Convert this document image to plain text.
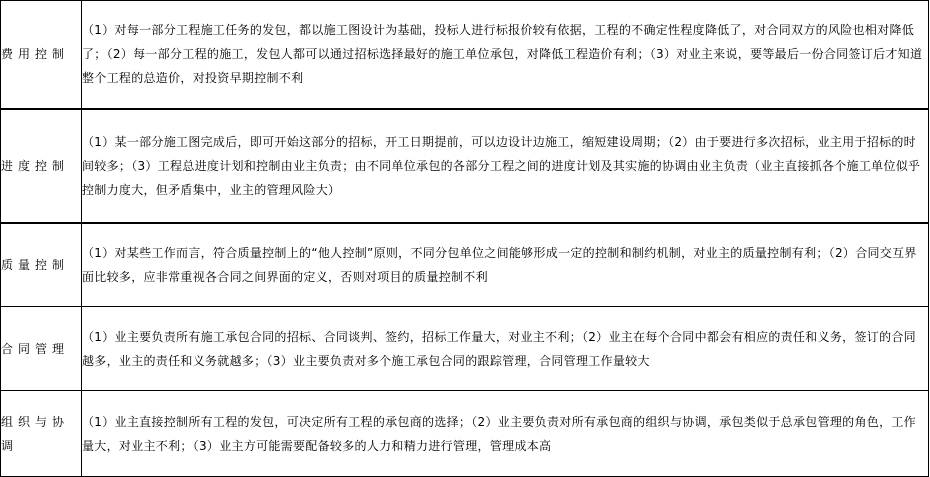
费用控制	（1）对每一部分工程施工任务的发包，都以施工图设计为基础，投标人进行标报价较有依据，工程的不确定性程度降低了，对合同双方的风险也相对降低了；（2）每一部分工程的施工，发包人都可以通过招标选择最好的施工单位承包，对降低工程造价有利；（3）对业主来说，要等最后一份合同签订后才知道整个工程的总造价，对投资早期控制不利
进度控制	（1）某一部分施工图完成后，即可开始这部分的招标，开工日期提前，可以边设计边施工，缩短建设周期；（2）由于要进行多次招标，业主用于招标的时间较多；（3）工程总进度计划和控制由业主负责；由不同单位承包的各部分工程之间的进度计划及其实施的协调由业主负责（业主直接抓各个施工单位似乎控制力度大，但矛盾集中，业主的管理风险大）
质量控制	（1）对某些工作而言，符合质量控制上的“他人控制”原则，不同分包单位之间能够形成一定的控制和制约机制，对业主的质量控制有利；（2）合同交互界面比较多，应非常重视各合同之间界面的定义，否则对项目的质量控制不利
合同管理	（1）业主要负责所有施工承包合同的招标、合同谈判、签约，招标工作量大，对业主不利；（2）业主在每个合同中都会有相应的责任和义务，签订的合同越多，业主的责任和义务就越多；（3）业主要负责对多个施工承包合同的跟踪管理，合同管理工作量较大
组织与协调	（1）业主直接控制所有工程的发包，可决定所有工程的承包商的选择；（2）业主要负责对所有承包商的组织与协调，承包类似于总承包管理的角色，工作量大，对业主不利；（3）业主方可能需要配备较多的人力和精力进行管理，管理成本高
